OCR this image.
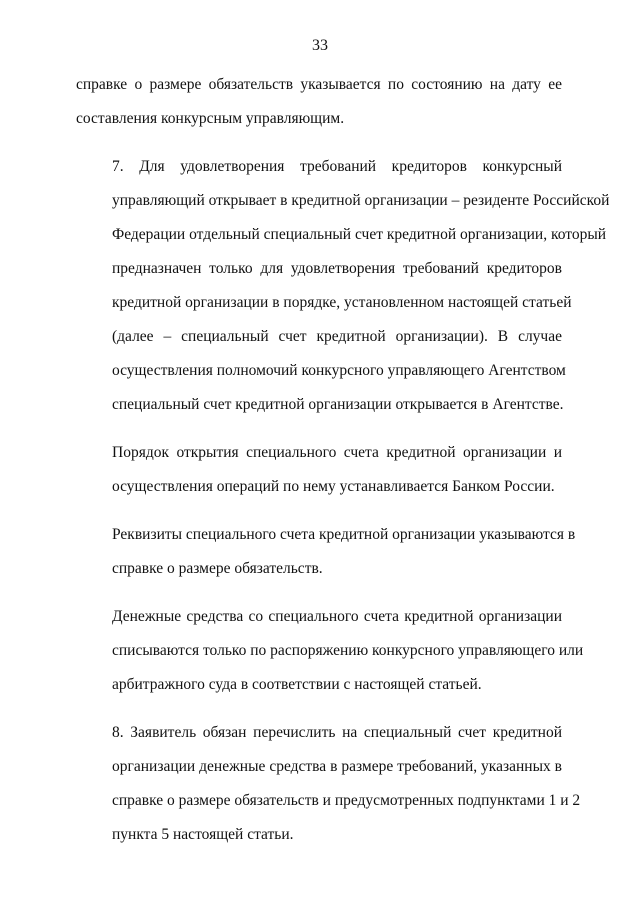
33
справке о размере обязательств указывается по состоянию на дату ее
составления конкурсным управляющим.
7. Для удовлетворения требований кредиторов конкурсный
управляющий открывает в кредитной организации – резиденте Российской
Федерации отдельный специальный счет кредитной организации, который
предназначен только для удовлетворения требований кредиторов
кредитной организации в порядке, установленном настоящей статьей
(далее – специальный счет кредитной организации). В случае
осуществления полномочий конкурсного управляющего Агентством
специальный счет кредитной организации открывается в Агентстве.
Порядок открытия специального счета кредитной организации и
осуществления операций по нему устанавливается Банком России.
Реквизиты специального счета кредитной организации указываются в
справке о размере обязательств.
Денежные средства со специального счета кредитной организации
списываются только по распоряжению конкурсного управляющего или
арбитражного суда в соответствии с настоящей статьей.
8. Заявитель обязан перечислить на специальный счет кредитной
организации денежные средства в размере требований, указанных в
справке о размере обязательств и предусмотренных подпунктами 1 и 2
пункта 5 настоящей статьи.
